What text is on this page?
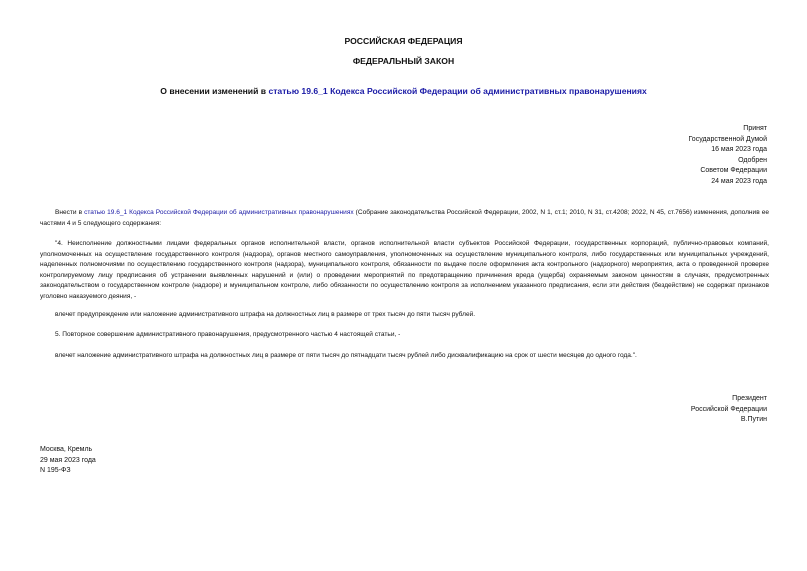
РОССИЙСКАЯ ФЕДЕРАЦИЯ
ФЕДЕРАЛЬНЫЙ ЗАКОН
О внесении изменений в статью 19.6_1 Кодекса Российской Федерации об административных правонарушениях
Принят
Государственной Думой
16 мая 2023 года
Одобрен
Советом Федерации
24 мая 2023 года
Внести в статью 19.6_1 Кодекса Российской Федерации об административных правонарушениях (Собрание законодательства Российской Федерации, 2002, N 1, ст.1; 2010, N 31, ст.4208; 2022, N 45, ст.7656) изменения, дополнив ее частями 4 и 5 следующего содержания:
"4. Неисполнение должностными лицами федеральных органов исполнительной власти, органов исполнительной власти субъектов Российской Федерации, государственных корпораций, публично-правовых компаний, уполномоченных на осуществление государственного контроля (надзора), органов местного самоуправления, уполномоченных на осуществление муниципального контроля, либо государственных или муниципальных учреждений, наделенных полномочиями по осуществлению государственного контроля (надзора), муниципального контроля, обязанности по выдаче после оформления акта контрольного (надзорного) мероприятия, акта о проведенной проверке контролируемому лицу предписания об устранении выявленных нарушений и (или) о проведении мероприятий по предотвращению причинения вреда (ущерба) охраняемым законом ценностям в случаях, предусмотренных законодательством о государственном контроле (надзоре) и муниципальном контроле, либо обязанности по осуществлению контроля за исполнением указанного предписания, если эти действия (бездействие) не содержат признаков уголовно наказуемого деяния, -
влечет предупреждение или наложение административного штрафа на должностных лиц в размере от трех тысяч до пяти тысяч рублей.
5. Повторное совершение административного правонарушения, предусмотренного частью 4 настоящей статьи, -
влечет наложение административного штрафа на должностных лиц в размере от пяти тысяч до пятнадцати тысяч рублей либо дисквалификацию на срок от шести месяцев до одного года.".
Президент
Российской Федерации
В.Путин
Москва, Кремль
29 мая 2023 года
N 195-ФЗ
